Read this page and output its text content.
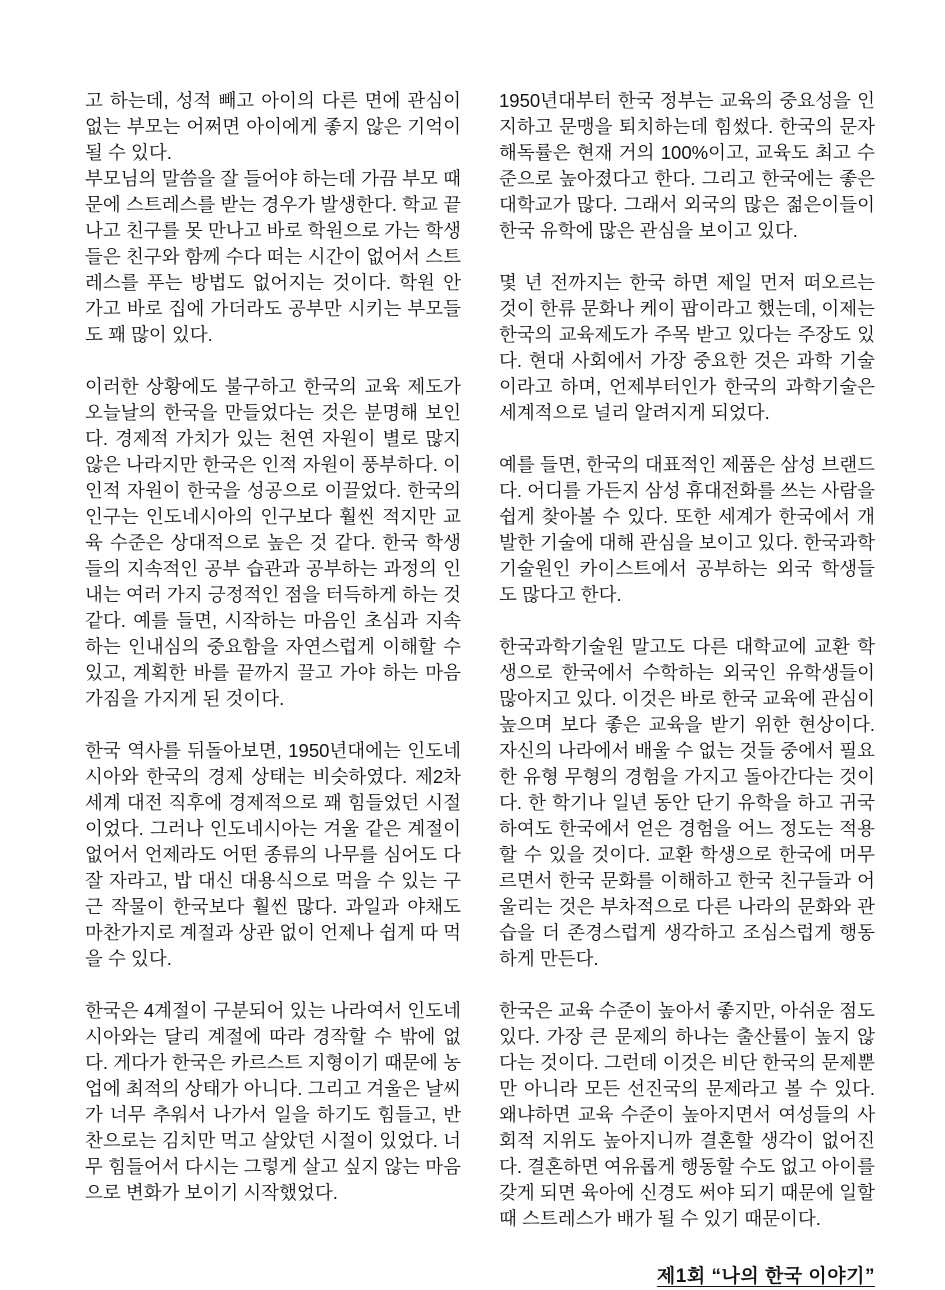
고 하는데, 성적 빼고 아이의 다른 면에 관심이 없는 부모는 어쩌면 아이에게 좋지 않은 기억이 될 수 있다.

부모님의 말씀을 잘 들어야 하는데 가끔 부모 때문에 스트레스를 받는 경우가 발생한다. 학교 끝나고 친구를 못 만나고 바로 학원으로 가는 학생들은 친구와 함께 수다 떠는 시간이 없어서 스트레스를 푸는 방법도 없어지는 것이다. 학원 안 가고 바로 집에 가더라도 공부만 시키는 부모들도 꽤 많이 있다.

이러한 상황에도 불구하고 한국의 교육 제도가 오늘날의 한국을 만들었다는 것은 분명해 보인다. 경제적 가치가 있는 천연 자원이 별로 많지 않은 나라지만 한국은 인적 자원이 풍부하다. 이 인적 자원이 한국을 성공으로 이끌었다. 한국의 인구는 인도네시아의 인구보다 훨씬 적지만 교육 수준은 상대적으로 높은 것 같다. 한국 학생들의 지속적인 공부 습관과 공부하는 과정의 인내는 여러 가지 긍정적인 점을 터득하게 하는 것 같다. 예를 들면, 시작하는 마음인 초심과 지속하는 인내심의 중요함을 자연스럽게 이해할 수 있고, 계획한 바를 끝까지 끌고 가야 하는 마음 가짐을 가지게 된 것이다.

한국 역사를 뒤돌아보면, 1950년대에는 인도네시아와 한국의 경제 상태는 비슷하였다. 제2차 세계 대전 직후에 경제적으로 꽤 힘들었던 시절이었다. 그러나 인도네시아는 겨울 같은 계절이 없어서 언제라도 어떤 종류의 나무를 심어도 다 잘 자라고, 밥 대신 대용식으로 먹을 수 있는 구근 작물이 한국보다 훨씬 많다. 과일과 야채도 마찬가지로 계절과 상관 없이 언제나 쉽게 따 먹을 수 있다.

한국은 4계절이 구분되어 있는 나라여서 인도네시아와는 달리 계절에 따라 경작할 수 밖에 없다. 게다가 한국은 카르스트 지형이기 때문에 농업에 최적의 상태가 아니다. 그리고 겨울은 날씨가 너무 추워서 나가서 일을 하기도 힘들고, 반찬으로는 김치만 먹고 살았던 시절이 있었다. 너무 힘들어서 다시는 그렇게 살고 싶지 않는 마음으로 변화가 보이기 시작했었다.

1950년대부터 한국 정부는 교육의 중요성을 인지하고 문맹을 퇴치하는데 힘썼다. 한국의 문자해독률은 현재 거의 100%이고, 교육도 최고 수준으로 높아졌다고 한다. 그리고 한국에는 좋은 대학교가 많다. 그래서 외국의 많은 젊은이들이 한국 유학에 많은 관심을 보이고 있다.

몇 년 전까지는 한국 하면 제일 먼저 떠오르는 것이 한류 문화나 케이 팝이라고 했는데, 이제는 한국의 교육제도가 주목 받고 있다는 주장도 있다. 현대 사회에서 가장 중요한 것은 과학 기술이라고 하며, 언제부터인가 한국의 과학기술은 세계적으로 널리 알려지게 되었다.

예를 들면, 한국의 대표적인 제품은 삼성 브랜드다. 어디를 가든지 삼성 휴대전화를 쓰는 사람을 쉽게 찾아볼 수 있다. 또한 세계가 한국에서 개발한 기술에 대해 관심을 보이고 있다. 한국과학기술원인 카이스트에서 공부하는 외국 학생들도 많다고 한다.

한국과학기술원 말고도 다른 대학교에 교환 학생으로 한국에서 수학하는 외국인 유학생들이 많아지고 있다. 이것은 바로 한국 교육에 관심이 높으며 보다 좋은 교육을 받기 위한 현상이다. 자신의 나라에서 배울 수 없는 것들 중에서 필요한 유형 무형의 경험을 가지고 돌아간다는 것이다. 한 학기나 일년 동안 단기 유학을 하고 귀국하여도 한국에서 얻은 경험을 어느 정도는 적용할 수 있을 것이다. 교환 학생으로 한국에 머무르면서 한국 문화를 이해하고 한국 친구들과 어울리는 것은 부차적으로 다른 나라의 문화와 관습을 더 존경스럽게 생각하고 조심스럽게 행동하게 만든다.

한국은 교육 수준이 높아서 좋지만, 아쉬운 점도 있다. 가장 큰 문제의 하나는 출산률이 높지 않다는 것이다. 그런데 이것은 비단 한국의 문제뿐만 아니라 모든 선진국의 문제라고 볼 수 있다. 왜냐하면 교육 수준이 높아지면서 여성들의 사회적 지위도 높아지니까 결혼할 생각이 없어진다. 결혼하면 여유롭게 행동할 수도 없고 아이를 갖게 되면 육아에 신경도 써야 되기 때문에 일할 때 스트레스가 배가 될 수 있기 때문이다.

제1회 “나의 한국 이야기”
